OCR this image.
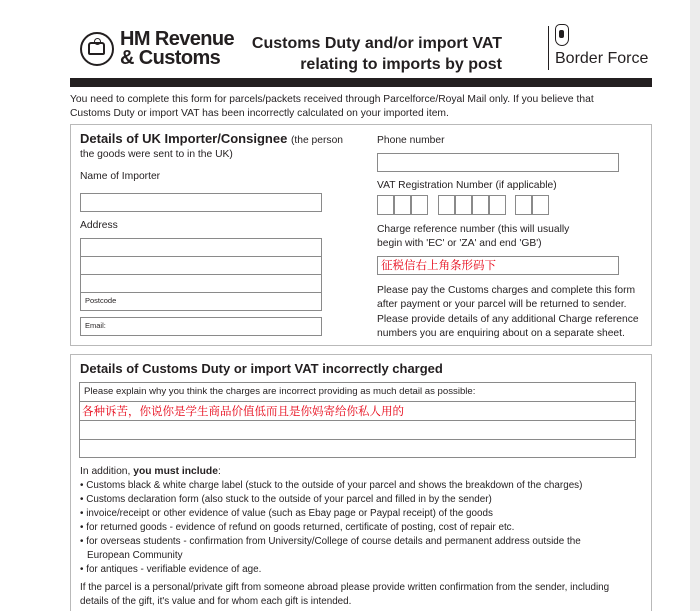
HM Revenue
& Customs
Customs Duty and/or import VAT
relating to imports by post	Border Force
You need to complete this form for parcels/packets received through Parcelforce/Royal Mail only. If you believe that
Customs Duty or import VAT has been incorrectly calculated on your imported item.
Details of UK Importer/Consignee (the person
the goods were sent to in the UK)
Name of Importer
Address
Postcode
Email:
Phone number
VAT Registration Number (if applicable)
Charge reference number (this will usually
begin with 'EC' or 'ZA' and end 'GB')
征税信右上角条形码下
Please pay the Customs charges and complete this form
after payment or your parcel will be returned to sender.
Please provide details of any additional Charge reference
numbers you are enquiring about on a separate sheet.
Details of Customs Duty or import VAT incorrectly charged
Please explain why you think the charges are incorrect providing as much detail as possible:
各种诉苦，你说你是学生商品价值低而且是你妈寄给你私人用的
In addition, you must include:
• Customs black & white charge label (stuck to the outside of your parcel and shows the breakdown of the charges)
• Customs declaration form (also stuck to the outside of your parcel and filled in by the sender)
• invoice/receipt or other evidence of value (such as Ebay page or Paypal receipt) of the goods
• for returned goods - evidence of refund on goods returned, certificate of posting, cost of repair etc.
• for overseas students - confirmation from University/College of course details and permanent address outside the
European Community
• for antiques - verifiable evidence of age.
If the parcel is a personal/private gift from someone abroad please provide written confirmation from the sender, including
details of the gift, it's value and for whom each gift is intended.
